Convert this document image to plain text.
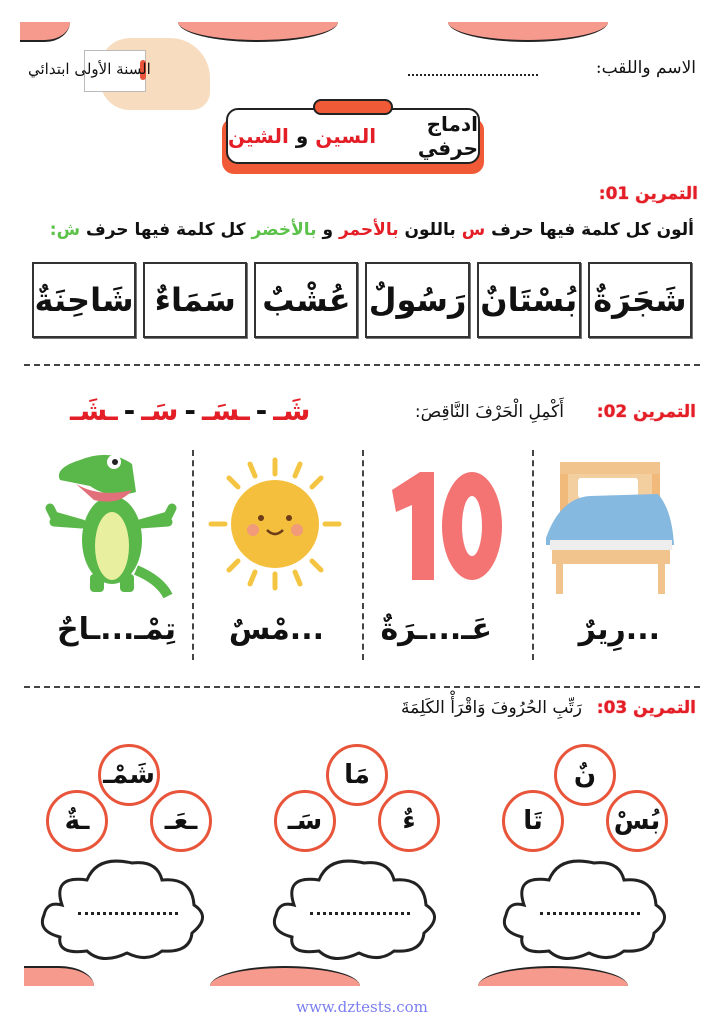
الاسم واللقب:
السنة الأولى ابتدائي
ادماج حرفي

السين

و

الشين
التمرين 01:
ألون كل كلمة فيها حرف س باللون بالأحمر و بالأخضر كل كلمة فيها حرف ش:
شَجَرَةٌ
بُسْتَانٌ
رَسُولٌ
عُشْبٌ
سَمَاءٌ
شَاحِنَةٌ
التمرين 02:
أَكْمِلِ الْحَرْفَ النَّاقِصَ:
شَـ-ـسَـ-سَـ-ـشَـ
...رِيرٌ
عَـ...ـرَةٌ
...مْسٌ
تِمْـ...ـاحٌ
التمرين 03:
رَتِّبِ الحُرُوفَ وَاقْرَأْ الكَلِمَةَ
نٌ
تَا	بُسْ
مَا
سَـ	ءٌ
شَمْـ
ـةٌ	ـعَـ
www.dztests.com
